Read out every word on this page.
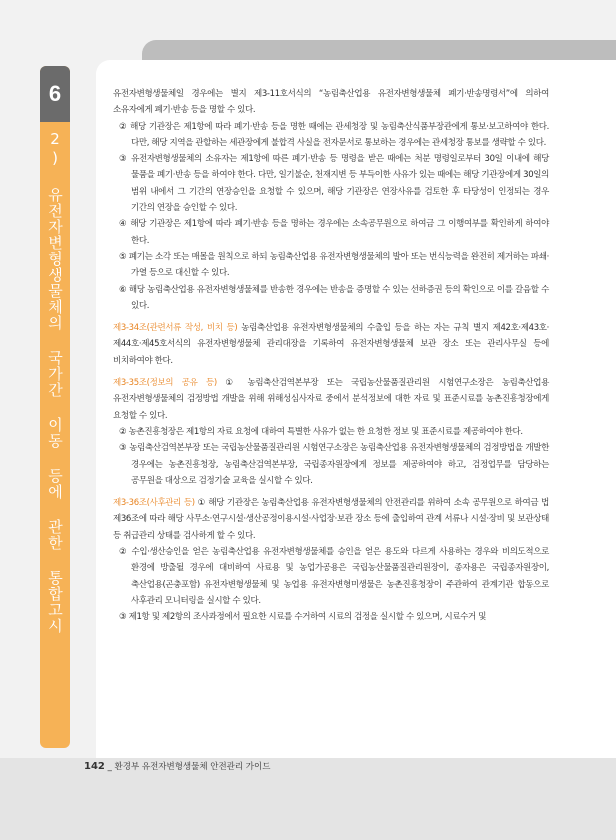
6
2) 유전자변형생물체의 국가간 이동 등에 관한 통합고시

유전자변형생물체일 경우에는 별지 제3-11호서식의 “농림축산업용 유전자변형생물체 폐기·반송명령서”에 의하여 소유자에게 폐기·반송 등을 명할 수 있다.

② 해당 기관장은 제1항에 따라 폐기·반송 등을 명한 때에는 관세청장 및 농림축산식품부장관에게 통보·보고하여야 한다. 다만, 해당 지역을 관할하는 세관장에게 불합격 사실을 전자문서로 통보하는 경우에는 관세청장 통보를 생략할 수 있다.

③ 유전자변형생물체의 소유자는 제1항에 따른 폐기·반송 등 명령을 받은 때에는 처분 명령일로부터 30일 이내에 해당 물품을 폐기·반송 등을 하여야 한다. 다만, 일기불순, 천재지변 등 부득이한 사유가 있는 때에는 해당 기관장에게 30일의 범위 내에서 그 기간의 연장승인을 요청할 수 있으며, 해당 기관장은 연장사유를 검토한 후 타당성이 인정되는 경우 기간의 연장을 승인할 수 있다.

④ 해당 기관장은 제1항에 따라 폐기·반송 등을 명하는 경우에는 소속공무원으로 하여금 그 이행여부를 확인하게 하여야 한다.

⑤ 폐기는 소각 또는 매몰을 원칙으로 하되 농림축산업용 유전자변형생물체의 발아 또는 번식능력을 완전히 제거하는 파쇄·가열 등으로 대신할 수 있다.

⑥ 해당 농림축산업용 유전자변형생물체를 반송한 경우에는 반송을 증명할 수 있는 선하증권 등의 확인으로 이를 갈음할 수 있다.

제3-34조(관련서류 작성, 비치 등) 농림축산업용 유전자변형생물체의 수출입 등을 하는 자는 규칙 별지 제42호·제43호·제44호·제45호서식의 유전자변형생물체 관리대장을 기록하여 유전자변형생물체 보관 장소 또는 관리사무실 등에 비치하여야 한다.

제3-35조(정보의 공유 등) ① 농림축산검역본부장 또는 국립농산물품질관리원 시험연구소장은 농림축산업용 유전자변형생물체의 검정방법 개발을 위해 위해성심사자료 중에서 분석정보에 대한 자료 및 표준시료를 농촌진흥청장에게 요청할 수 있다.

② 농촌진흥청장은 제1항의 자료 요청에 대하여 특별한 사유가 없는 한 요청한 정보 및 표준시료를 제공하여야 한다.

③ 농림축산검역본부장 또는 국립농산물품질관리원 시험연구소장은 농림축산업용 유전자변형생물체의 검정방법을 개발한 경우에는 농촌진흥청장, 농림축산검역본부장, 국립종자원장에게 정보를 제공하여야 하고, 검정업무를 담당하는 공무원을 대상으로 검정기술 교육을 실시할 수 있다.

제3-36조(사후관리 등) ① 해당 기관장은 농림축산업용 유전자변형생물체의 안전관리를 위하여 소속 공무원으로 하여금 법 제36조에 따라 해당 사무소·연구시설·생산공정이용시설·사업장·보관 장소 등에 출입하여 관계 서류나 시설·장비 및 보관상태 등 취급관리 상태를 검사하게 할 수 있다.

② 수입·생산승인을 얻은 농림축산업용 유전자변형생물체를 승인을 얻은 용도와 다르게 사용하는 경우와 비의도적으로 환경에 방출될 경우에 대비하여 사료용 및 농업가공용은 국립농산물품질관리원장이, 종자용은 국립종자원장이, 축산업용(곤충포함) 유전자변형생물체 및 농업용 유전자변형미생물은 농촌진흥청장이 주관하여 관계기관 합동으로 사후관리 모니터링을 실시할 수 있다.

③ 제1항 및 제2항의 조사과정에서 필요한 시료를 수거하여 시료의 검정을 실시할 수 있으며, 시료수거 및

142 _ 환경부 유전자변형생물체 안전관리 가이드
